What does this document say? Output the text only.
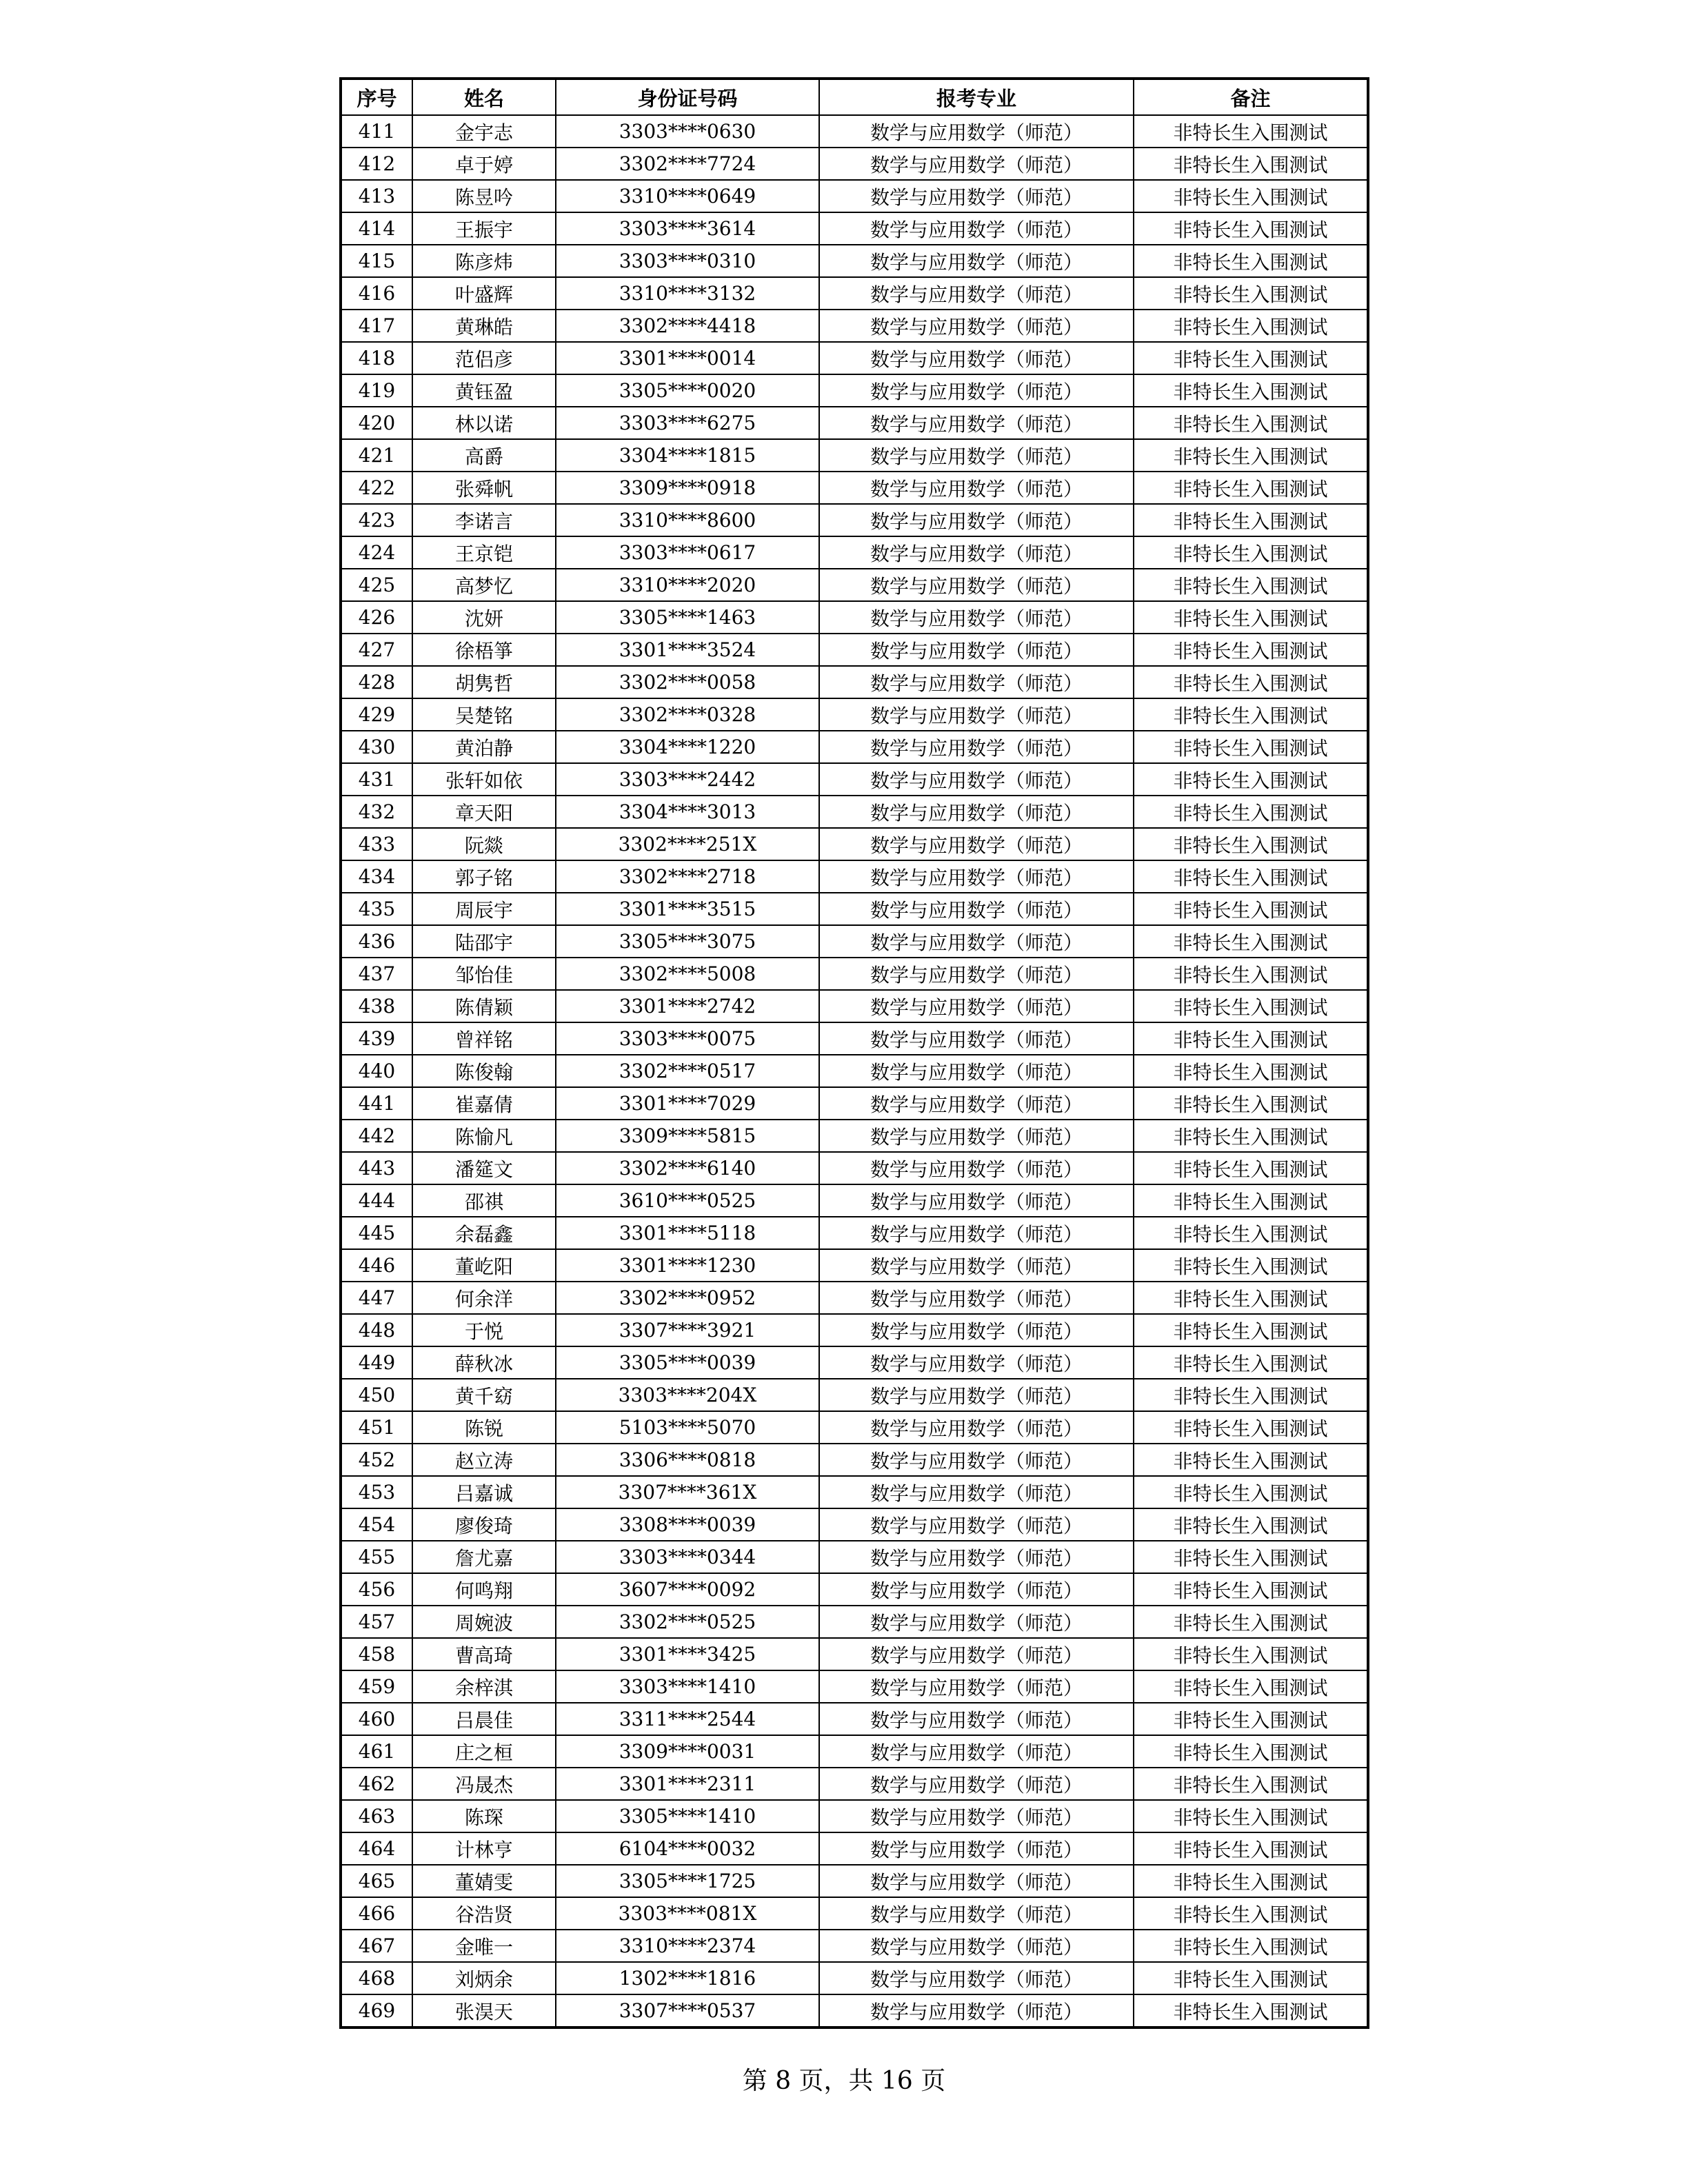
序号	姓名	身份证号码	报考专业	备注
411	金宇志	3303****0630	数学与应用数学（师范）	非特长生入围测试
412	卓于婷	3302****7724	数学与应用数学（师范）	非特长生入围测试
413	陈昱吟	3310****0649	数学与应用数学（师范）	非特长生入围测试
414	王振宇	3303****3614	数学与应用数学（师范）	非特长生入围测试
415	陈彦炜	3303****0310	数学与应用数学（师范）	非特长生入围测试
416	叶盛辉	3310****3132	数学与应用数学（师范）	非特长生入围测试
417	黄琳皓	3302****4418	数学与应用数学（师范）	非特长生入围测试
418	范侣彦	3301****0014	数学与应用数学（师范）	非特长生入围测试
419	黄钰盈	3305****0020	数学与应用数学（师范）	非特长生入围测试
420	林以诺	3303****6275	数学与应用数学（师范）	非特长生入围测试
421	高爵	3304****1815	数学与应用数学（师范）	非特长生入围测试
422	张舜帆	3309****0918	数学与应用数学（师范）	非特长生入围测试
423	李诺言	3310****8600	数学与应用数学（师范）	非特长生入围测试
424	王京铠	3303****0617	数学与应用数学（师范）	非特长生入围测试
425	高梦忆	3310****2020	数学与应用数学（师范）	非特长生入围测试
426	沈妍	3305****1463	数学与应用数学（师范）	非特长生入围测试
427	徐梧箏	3301****3524	数学与应用数学（师范）	非特长生入围测试
428	胡隽哲	3302****0058	数学与应用数学（师范）	非特长生入围测试
429	吴楚铭	3302****0328	数学与应用数学（师范）	非特长生入围测试
430	黄泊静	3304****1220	数学与应用数学（师范）	非特长生入围测试
431	张轩如依	3303****2442	数学与应用数学（师范）	非特长生入围测试
432	章天阳	3304****3013	数学与应用数学（师范）	非特长生入围测试
433	阮燚	3302****251X	数学与应用数学（师范）	非特长生入围测试
434	郭子铭	3302****2718	数学与应用数学（师范）	非特长生入围测试
435	周辰宇	3301****3515	数学与应用数学（师范）	非特长生入围测试
436	陆邵宇	3305****3075	数学与应用数学（师范）	非特长生入围测试
437	邹怡佳	3302****5008	数学与应用数学（师范）	非特长生入围测试
438	陈倩颖	3301****2742	数学与应用数学（师范）	非特长生入围测试
439	曾祥铭	3303****0075	数学与应用数学（师范）	非特长生入围测试
440	陈俊翰	3302****0517	数学与应用数学（师范）	非特长生入围测试
441	崔嘉倩	3301****7029	数学与应用数学（师范）	非特长生入围测试
442	陈愉凡	3309****5815	数学与应用数学（师范）	非特长生入围测试
443	潘筵文	3302****6140	数学与应用数学（师范）	非特长生入围测试
444	邵祺	3610****0525	数学与应用数学（师范）	非特长生入围测试
445	余磊鑫	3301****5118	数学与应用数学（师范）	非特长生入围测试
446	董屹阳	3301****1230	数学与应用数学（师范）	非特长生入围测试
447	何余洋	3302****0952	数学与应用数学（师范）	非特长生入围测试
448	于悦	3307****3921	数学与应用数学（师范）	非特长生入围测试
449	薛秋冰	3305****0039	数学与应用数学（师范）	非特长生入围测试
450	黄千窈	3303****204X	数学与应用数学（师范）	非特长生入围测试
451	陈锐	5103****5070	数学与应用数学（师范）	非特长生入围测试
452	赵立涛	3306****0818	数学与应用数学（师范）	非特长生入围测试
453	吕嘉诚	3307****361X	数学与应用数学（师范）	非特长生入围测试
454	廖俊琦	3308****0039	数学与应用数学（师范）	非特长生入围测试
455	詹尤嘉	3303****0344	数学与应用数学（师范）	非特长生入围测试
456	何鸣翔	3607****0092	数学与应用数学（师范）	非特长生入围测试
457	周婉波	3302****0525	数学与应用数学（师范）	非特长生入围测试
458	曹高琦	3301****3425	数学与应用数学（师范）	非特长生入围测试
459	余梓淇	3303****1410	数学与应用数学（师范）	非特长生入围测试
460	吕晨佳	3311****2544	数学与应用数学（师范）	非特长生入围测试
461	庄之桓	3309****0031	数学与应用数学（师范）	非特长生入围测试
462	冯晟杰	3301****2311	数学与应用数学（师范）	非特长生入围测试
463	陈琛	3305****1410	数学与应用数学（师范）	非特长生入围测试
464	计林亨	6104****0032	数学与应用数学（师范）	非特长生入围测试
465	董婧雯	3305****1725	数学与应用数学（师范）	非特长生入围测试
466	谷浩贤	3303****081X	数学与应用数学（师范）	非特长生入围测试
467	金唯一	3310****2374	数学与应用数学（师范）	非特长生入围测试
468	刘炳余	1302****1816	数学与应用数学（师范）	非特长生入围测试
469	张淏天	3307****0537	数学与应用数学（师范）	非特长生入围测试
第 8 页，共 16 页
